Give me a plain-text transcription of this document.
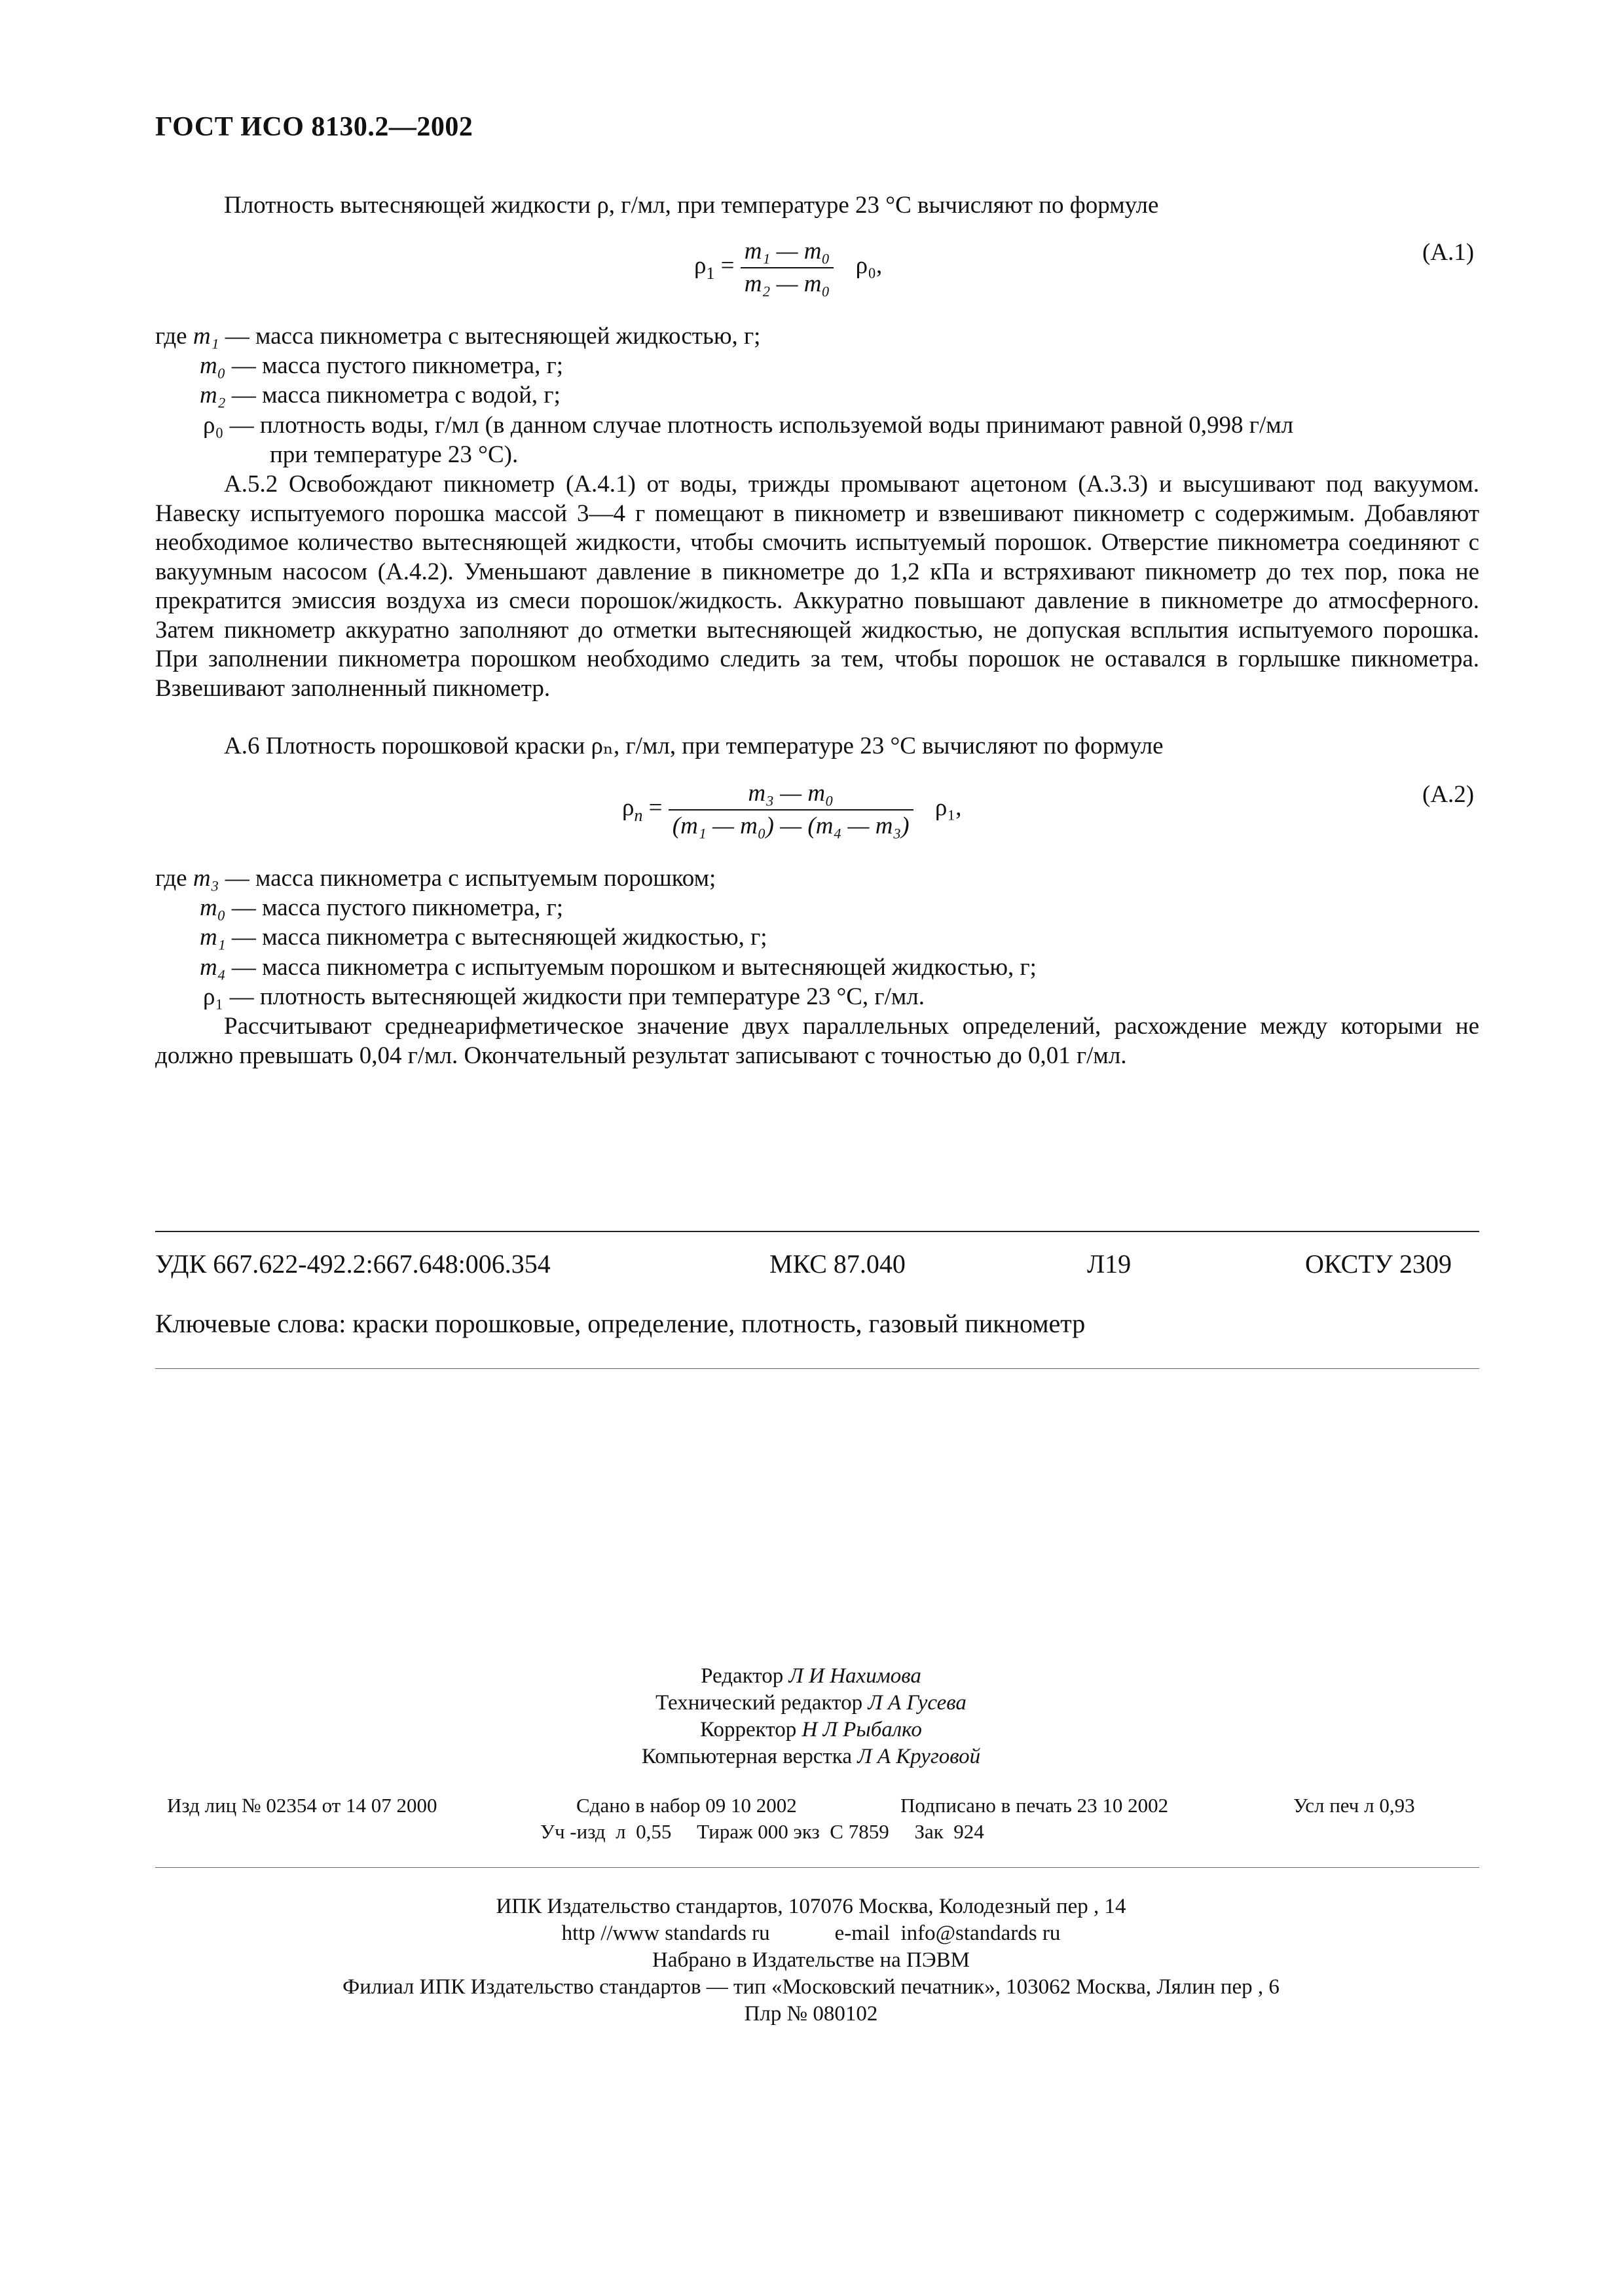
ГОСТ ИСО 8130.2—2002
Плотность вытесняющей жидкости ρ, г/мл, при температуре 23 °С вычисляют по формуле
$\rho_1 = \frac{\text{m₁ — m₀}}{\text{m₂ — m₀}} \rho_0$,	(A.1)
где m₁ — масса пикнометра с вытесняющей жидкостью, г;
m₀ — масса пустого пикнометра, г;
m₂ — масса пикнометра с водой, г;
ρ₀ — плотность воды, г/мл (в данном случае плотность используемой воды принимают равной 0,998 г/мл
при температуре 23 °С).
А.5.2 Освобождают пикнометр (А.4.1) от воды, трижды промывают ацетоном (А.3.3) и высушивают под вакуумом. Навеску испытуемого порошка массой 3—4 г помещают в пикнометр и взвешивают пикнометр с содержимым. Добавляют необходимое количество вытесняющей жидкости, чтобы смочить испытуемый порошок. Отверстие пикнометра соединяют с вакуумным насосом (А.4.2). Уменьшают давление в пикнометре до 1,2 кПа и встряхивают пикнометр до тех пор, пока не прекратится эмиссия воздуха из смеси порошок/жидкость. Аккуратно повышают давление в пикнометре до атмосферного. Затем пикнометр аккуратно заполняют до отметки вытесняющей жидкостью, не допуская всплытия испытуемого порошка. При заполнении пикнометра порошком необходимо следить за тем, чтобы порошок не оставался в горлышке пикнометра. Взвешивают заполненный пикнометр.
А.6 Плотность порошковой краски ρₙ, г/мл, при температуре 23 °С вычисляют по формуле
$\rho_n = \frac{\text{m₃ — m₀}}{\text{(m₁ — m₀) — (m₄ — m₃)}} \rho_1$,	(A.2)
где m₃ — масса пикнометра с испытуемым порошком;
m₀ — масса пустого пикнометра, г;
m₁ — масса пикнометра с вытесняющей жидкостью, г;
m₄ — масса пикнометра с испытуемым порошком и вытесняющей жидкостью, г;
ρ₁ — плотность вытесняющей жидкости при температуре 23 °С, г/мл.
Рассчитывают среднеарифметическое значение двух параллельных определений, расхождение между которыми не должно превышать 0,04 г/мл. Окончательный результат записывают с точностью до 0,01 г/мл.
УДК 667.622-492.2:667.648:006.354	МКС 87.040	Л19	ОКСТУ 2309
Ключевые слова: краски порошковые, определение, плотность, газовый пикнометр
Редактор Л И Нахимова
Технический редактор Л А Гусева
Корректор Н Л Рыбалко
Компьютерная верстка Л А Круговой
Изд лиц № 02354 от 14 07 2000	Сдано в набор 09 10 2002	Подписано в печать 23 10 2002	Усл печ л 0,93
Уч -изд  л  0,55     Тираж 000 экз  С 7859     Зак  924
ИПК Издательство стандартов, 107076 Москва, Колодезный пер , 14
http //www standards ru            e-maіl  іnfo@standards ru
Набрано в Издательстве на ПЭВМ
Филиал ИПК Издательство стандартов — тип «Московский печатник», 103062 Москва, Лялин пер , 6
Плр № 080102
